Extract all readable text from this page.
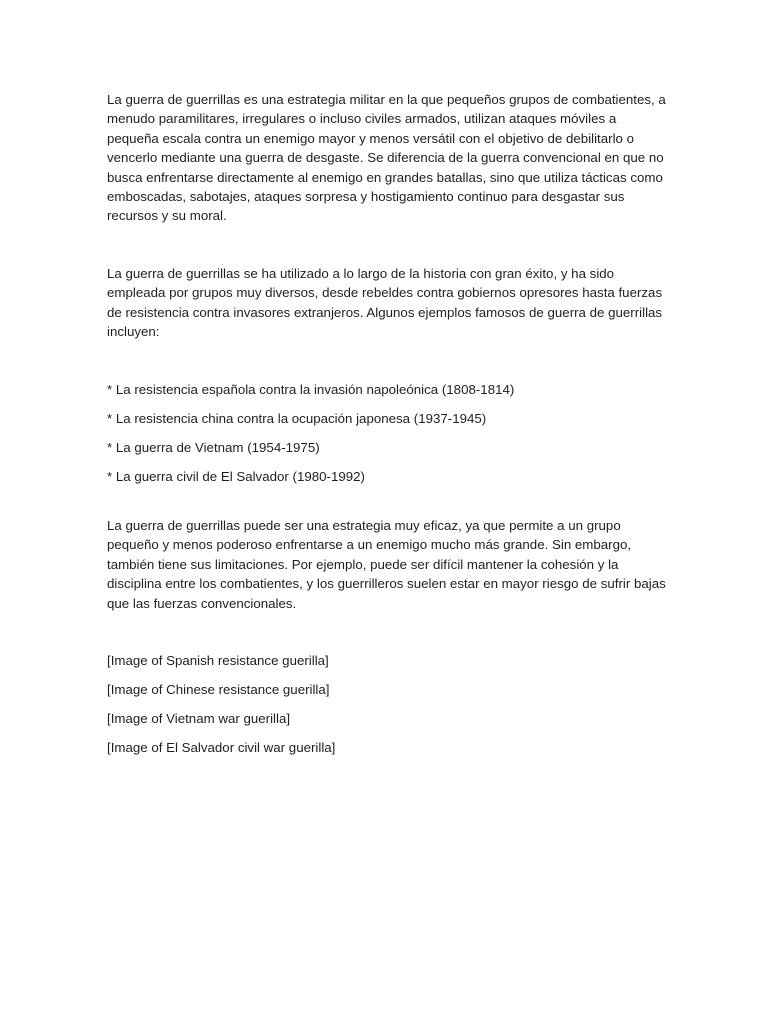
La guerra de guerrillas es una estrategia militar en la que pequeños grupos de combatientes, a menudo paramilitares, irregulares o incluso civiles armados, utilizan ataques móviles a pequeña escala contra un enemigo mayor y menos versátil con el objetivo de debilitarlo o vencerlo mediante una guerra de desgaste. Se diferencia de la guerra convencional en que no busca enfrentarse directamente al enemigo en grandes batallas, sino que utiliza tácticas como emboscadas, sabotajes, ataques sorpresa y hostigamiento continuo para desgastar sus recursos y su moral.

La guerra de guerrillas se ha utilizado a lo largo de la historia con gran éxito, y ha sido empleada por grupos muy diversos, desde rebeldes contra gobiernos opresores hasta fuerzas de resistencia contra invasores extranjeros. Algunos ejemplos famosos de guerra de guerrillas incluyen:

* La resistencia española contra la invasión napoleónica (1808-1814)

* La resistencia china contra la ocupación japonesa (1937-1945)

* La guerra de Vietnam (1954-1975)

* La guerra civil de El Salvador (1980-1992)

La guerra de guerrillas puede ser una estrategia muy eficaz, ya que permite a un grupo pequeño y menos poderoso enfrentarse a un enemigo mucho más grande. Sin embargo, también tiene sus limitaciones. Por ejemplo, puede ser difícil mantener la cohesión y la disciplina entre los combatientes, y los guerrilleros suelen estar en mayor riesgo de sufrir bajas que las fuerzas convencionales.

[Image of Spanish resistance guerilla]

[Image of Chinese resistance guerilla]

[Image of Vietnam war guerilla]

[Image of El Salvador civil war guerilla]
